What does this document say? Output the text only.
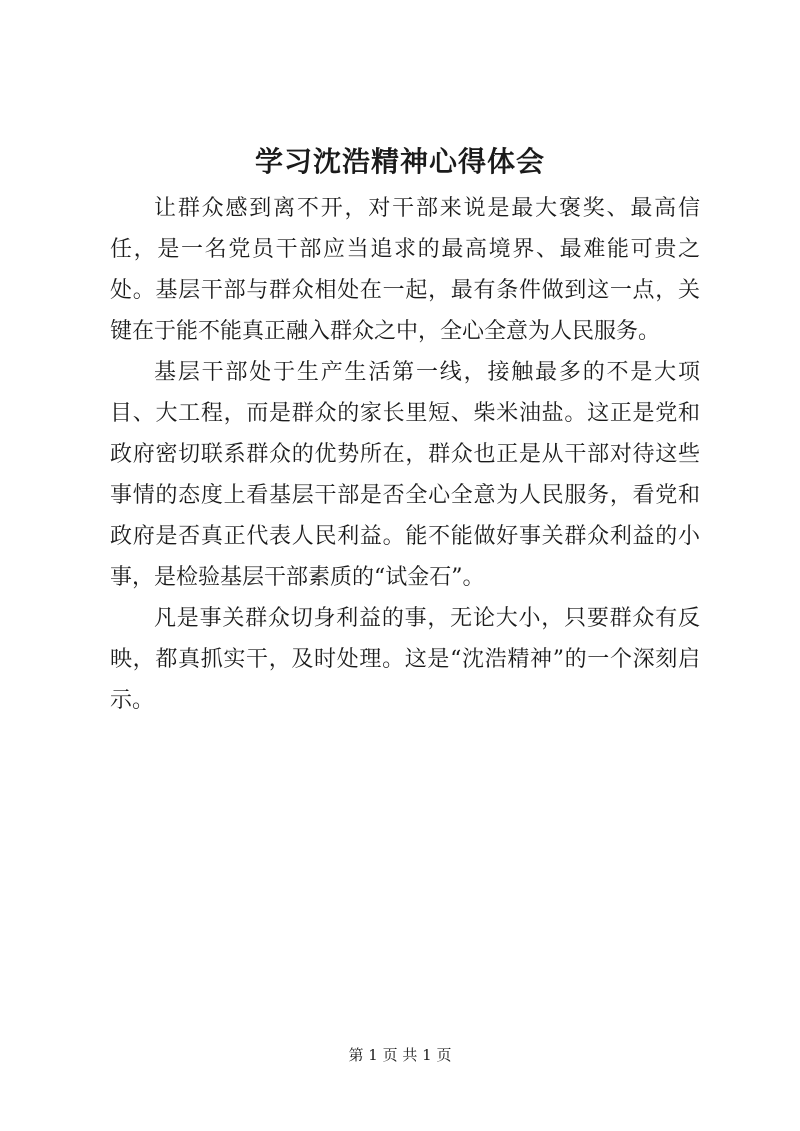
学习沈浩精神心得体会

让群众感到离不开，对干部来说是最大褒奖、最高信任，是一名党员干部应当追求的最高境界、最难能可贵之处。基层干部与群众相处在一起，最有条件做到这一点，关键在于能不能真正融入群众之中，全心全意为人民服务。

基层干部处于生产生活第一线，接触最多的不是大项目、大工程，而是群众的家长里短、柴米油盐。这正是党和政府密切联系群众的优势所在，群众也正是从干部对待这些事情的态度上看基层干部是否全心全意为人民服务，看党和政府是否真正代表人民利益。能不能做好事关群众利益的小事，是检验基层干部素质的“试金石”。

凡是事关群众切身利益的事，无论大小，只要群众有反映，都真抓实干，及时处理。这是“沈浩精神”的一个深刻启示。

第 1 页 共 1 页
